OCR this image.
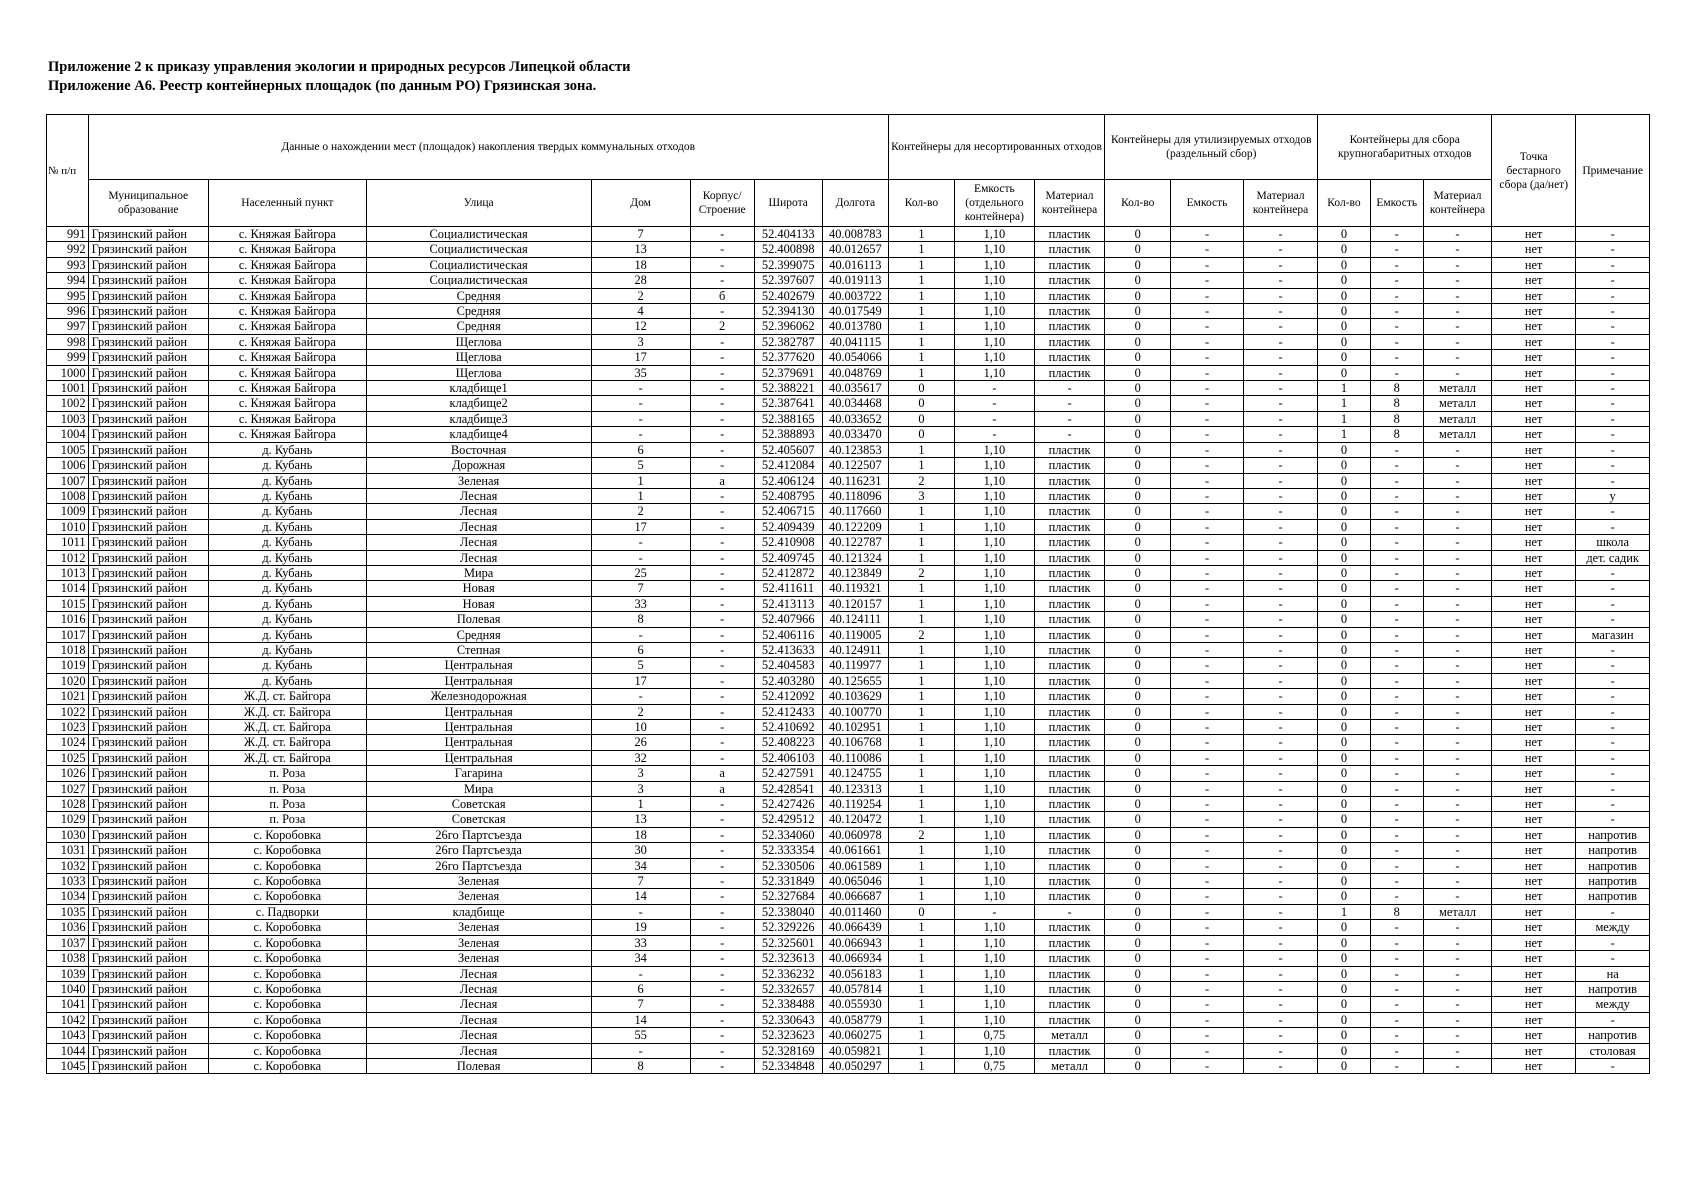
Приложение 2 к приказу управления экологии и природных ресурсов Липецкой области
Приложение А6. Реестр контейнерных площадок (по данным РО) Грязинская зона.
№ п/п	Данные о нахождении мест (площадок) накопления твердых коммунальных отходов							Контейнеры для несортированных отходов			Контейнеры для утилизируемых отходов (раздельный сбор)			Контейнеры для сбора крупногабаритных отходов			Точка бестарного сбора (да/нет)	Примечание
	Муниципальное образование	Населенный пункт	Улица	Дом	Корпус/ Строение	Широта	Долгота	Кол-во	Емкость (отдельного контейнера)	Материал контейнера	Кол-во	Емкость	Материал контейнера	Кол-во	Емкость	Материал контейнера		
991	Грязинский район	с. Княжая Байгора	Социалистическая	7	-	52.404133	40.008783	1	1,10	пластик	0	-	-	0	-	-	нет	-
992	Грязинский район	с. Княжая Байгора	Социалистическая	13	-	52.400898	40.012657	1	1,10	пластик	0	-	-	0	-	-	нет	-
993	Грязинский район	с. Княжая Байгора	Социалистическая	18	-	52.399075	40.016113	1	1,10	пластик	0	-	-	0	-	-	нет	-
994	Грязинский район	с. Княжая Байгора	Социалистическая	28	-	52.397607	40.019113	1	1,10	пластик	0	-	-	0	-	-	нет	-
995	Грязинский район	с. Княжая Байгора	Средняя	2	б	52.402679	40.003722	1	1,10	пластик	0	-	-	0	-	-	нет	-
996	Грязинский район	с. Княжая Байгора	Средняя	4	-	52.394130	40.017549	1	1,10	пластик	0	-	-	0	-	-	нет	-
997	Грязинский район	с. Княжая Байгора	Средняя	12	2	52.396062	40.013780	1	1,10	пластик	0	-	-	0	-	-	нет	-
998	Грязинский район	с. Княжая Байгора	Щеглова	3	-	52.382787	40.041115	1	1,10	пластик	0	-	-	0	-	-	нет	-
999	Грязинский район	с. Княжая Байгора	Щеглова	17	-	52.377620	40.054066	1	1,10	пластик	0	-	-	0	-	-	нет	-
1000	Грязинский район	с. Княжая Байгора	Щеглова	35	-	52.379691	40.048769	1	1,10	пластик	0	-	-	0	-	-	нет	-
1001	Грязинский район	с. Княжая Байгора	кладбище1	-	-	52.388221	40.035617	0	-	-	0	-	-	1	8	металл	нет	-
1002	Грязинский район	с. Княжая Байгора	кладбище2	-	-	52.387641	40.034468	0	-	-	0	-	-	1	8	металл	нет	-
1003	Грязинский район	с. Княжая Байгора	кладбище3	-	-	52.388165	40.033652	0	-	-	0	-	-	1	8	металл	нет	-
1004	Грязинский район	с. Княжая Байгора	кладбище4	-	-	52.388893	40.033470	0	-	-	0	-	-	1	8	металл	нет	-
1005	Грязинский район	д. Кубань	Восточная	6	-	52.405607	40.123853	1	1,10	пластик	0	-	-	0	-	-	нет	-
1006	Грязинский район	д. Кубань	Дорожная	5	-	52.412084	40.122507	1	1,10	пластик	0	-	-	0	-	-	нет	-
1007	Грязинский район	д. Кубань	Зеленая	1	а	52.406124	40.116231	2	1,10	пластик	0	-	-	0	-	-	нет	-
1008	Грязинский район	д. Кубань	Лесная	1	-	52.408795	40.118096	3	1,10	пластик	0	-	-	0	-	-	нет	у
1009	Грязинский район	д. Кубань	Лесная	2	-	52.406715	40.117660	1	1,10	пластик	0	-	-	0	-	-	нет	-
1010	Грязинский район	д. Кубань	Лесная	17	-	52.409439	40.122209	1	1,10	пластик	0	-	-	0	-	-	нет	-
1011	Грязинский район	д. Кубань	Лесная	-	-	52.410908	40.122787	1	1,10	пластик	0	-	-	0	-	-	нет	школа
1012	Грязинский район	д. Кубань	Лесная	-	-	52.409745	40.121324	1	1,10	пластик	0	-	-	0	-	-	нет	дет. садик
1013	Грязинский район	д. Кубань	Мира	25	-	52.412872	40.123849	2	1,10	пластик	0	-	-	0	-	-	нет	-
1014	Грязинский район	д. Кубань	Новая	7	-	52.411611	40.119321	1	1,10	пластик	0	-	-	0	-	-	нет	-
1015	Грязинский район	д. Кубань	Новая	33	-	52.413113	40.120157	1	1,10	пластик	0	-	-	0	-	-	нет	-
1016	Грязинский район	д. Кубань	Полевая	8	-	52.407966	40.124111	1	1,10	пластик	0	-	-	0	-	-	нет	-
1017	Грязинский район	д. Кубань	Средняя	-	-	52.406116	40.119005	2	1,10	пластик	0	-	-	0	-	-	нет	магазин
1018	Грязинский район	д. Кубань	Степная	6	-	52.413633	40.124911	1	1,10	пластик	0	-	-	0	-	-	нет	-
1019	Грязинский район	д. Кубань	Центральная	5	-	52.404583	40.119977	1	1,10	пластик	0	-	-	0	-	-	нет	-
1020	Грязинский район	д. Кубань	Центральная	17	-	52.403280	40.125655	1	1,10	пластик	0	-	-	0	-	-	нет	-
1021	Грязинский район	Ж.Д. ст. Байгора	Железнодорожная	-	-	52.412092	40.103629	1	1,10	пластик	0	-	-	0	-	-	нет	-
1022	Грязинский район	Ж.Д. ст. Байгора	Центральная	2	-	52.412433	40.100770	1	1,10	пластик	0	-	-	0	-	-	нет	-
1023	Грязинский район	Ж.Д. ст. Байгора	Центральная	10	-	52.410692	40.102951	1	1,10	пластик	0	-	-	0	-	-	нет	-
1024	Грязинский район	Ж.Д. ст. Байгора	Центральная	26	-	52.408223	40.106768	1	1,10	пластик	0	-	-	0	-	-	нет	-
1025	Грязинский район	Ж.Д. ст. Байгора	Центральная	32	-	52.406103	40.110086	1	1,10	пластик	0	-	-	0	-	-	нет	-
1026	Грязинский район	п. Роза	Гагарина	3	а	52.427591	40.124755	1	1,10	пластик	0	-	-	0	-	-	нет	-
1027	Грязинский район	п. Роза	Мира	3	а	52.428541	40.123313	1	1,10	пластик	0	-	-	0	-	-	нет	-
1028	Грязинский район	п. Роза	Советская	1	-	52.427426	40.119254	1	1,10	пластик	0	-	-	0	-	-	нет	-
1029	Грязинский район	п. Роза	Советская	13	-	52.429512	40.120472	1	1,10	пластик	0	-	-	0	-	-	нет	-
1030	Грязинский район	с. Коробовка	26го Партсъезда	18	-	52.334060	40.060978	2	1,10	пластик	0	-	-	0	-	-	нет	напротив
1031	Грязинский район	с. Коробовка	26го Партсъезда	30	-	52.333354	40.061661	1	1,10	пластик	0	-	-	0	-	-	нет	напротив
1032	Грязинский район	с. Коробовка	26го Партсъезда	34	-	52.330506	40.061589	1	1,10	пластик	0	-	-	0	-	-	нет	напротив
1033	Грязинский район	с. Коробовка	Зеленая	7	-	52.331849	40.065046	1	1,10	пластик	0	-	-	0	-	-	нет	напротив
1034	Грязинский район	с. Коробовка	Зеленая	14	-	52.327684	40.066687	1	1,10	пластик	0	-	-	0	-	-	нет	напротив
1035	Грязинский район	с. Падворки	кладбище	-	-	52.338040	40.011460	0	-	-	0	-	-	1	8	металл	нет	-
1036	Грязинский район	с. Коробовка	Зеленая	19	-	52.329226	40.066439	1	1,10	пластик	0	-	-	0	-	-	нет	между
1037	Грязинский район	с. Коробовка	Зеленая	33	-	52.325601	40.066943	1	1,10	пластик	0	-	-	0	-	-	нет	-
1038	Грязинский район	с. Коробовка	Зеленая	34	-	52.323613	40.066934	1	1,10	пластик	0	-	-	0	-	-	нет	-
1039	Грязинский район	с. Коробовка	Лесная	-	-	52.336232	40.056183	1	1,10	пластик	0	-	-	0	-	-	нет	на
1040	Грязинский район	с. Коробовка	Лесная	6	-	52.332657	40.057814	1	1,10	пластик	0	-	-	0	-	-	нет	напротив
1041	Грязинский район	с. Коробовка	Лесная	7	-	52.338488	40.055930	1	1,10	пластик	0	-	-	0	-	-	нет	между
1042	Грязинский район	с. Коробовка	Лесная	14	-	52.330643	40.058779	1	1,10	пластик	0	-	-	0	-	-	нет	-
1043	Грязинский район	с. Коробовка	Лесная	55	-	52.323623	40.060275	1	0,75	металл	0	-	-	0	-	-	нет	напротив
1044	Грязинский район	с. Коробовка	Лесная	-	-	52.328169	40.059821	1	1,10	пластик	0	-	-	0	-	-	нет	столовая
1045	Грязинский район	с. Коробовка	Полевая	8	-	52.334848	40.050297	1	0,75	металл	0	-	-	0	-	-	нет	-
